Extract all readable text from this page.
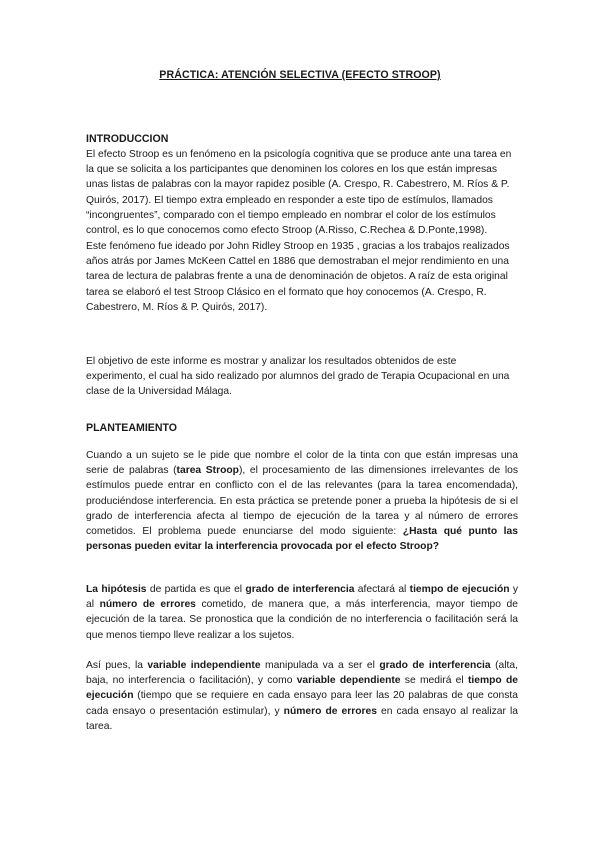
PRÁCTICA: ATENCIÓN SELECTIVA (EFECTO STROOP)
INTRODUCCION

El efecto Stroop es un fenómeno en la psicología cognitiva que se produce ante una tarea en la que se solicita a los participantes que denominen los colores en los que están impresas unas listas de palabras con la mayor rapidez posible (A. Crespo, R. Cabestrero, M. Ríos & P. Quirós, 2017). El tiempo extra empleado en responder a este tipo de estímulos, llamados “incongruentes”, comparado con el tiempo empleado en nombrar el color de los estímulos control, es lo que conocemos como efecto Stroop (A.Risso, C.Rechea & D.Ponte,1998).

Este fenómeno fue ideado por John Ridley Stroop en 1935 , gracias a los trabajos realizados años atrás por James McKeen Cattel en 1886 que demostraban el mejor rendimiento en una tarea de lectura de palabras frente a una de denominación de objetos. A raíz de esta original tarea se elaboró el test Stroop Clásico en el formato que hoy conocemos (A. Crespo, R. Cabestrero, M. Ríos & P. Quirós, 2017).

El objetivo de este informe es mostrar y analizar los resultados obtenidos de este experimento, el cual ha sido realizado por alumnos del grado de Terapia Ocupacional en una clase de la Universidad Málaga.

PLANTEAMIENTO

Cuando a un sujeto se le pide que nombre el color de la tinta con que están impresas una serie de palabras (tarea Stroop), el procesamiento de las dimensiones irrelevantes de los estímulos puede entrar en conflicto con el de las relevantes (para la tarea encomendada), produciéndose interferencia. En esta práctica se pretende poner a prueba la hipótesis de si el grado de interferencia afecta al tiempo de ejecución de la tarea y al número de errores cometidos. El problema puede enunciarse del modo siguiente: ¿Hasta qué punto las personas pueden evitar la interferencia provocada por el efecto Stroop?

La hipótesis de partida es que el grado de interferencia afectará al tiempo de ejecución y al número de errores cometido, de manera que, a más interferencia, mayor tiempo de ejecución de la tarea. Se pronostica que la condición de no interferencia o facilitación será la que menos tiempo lleve realizar a los sujetos.

Así pues, la variable independiente manipulada va a ser el grado de interferencia (alta, baja, no interferencia o facilitación), y como variable dependiente se medirá el tiempo de ejecución (tiempo que se requiere en cada ensayo para leer las 20 palabras de que consta cada ensayo o presentación estimular), y número de errores en cada ensayo al realizar la tarea.
